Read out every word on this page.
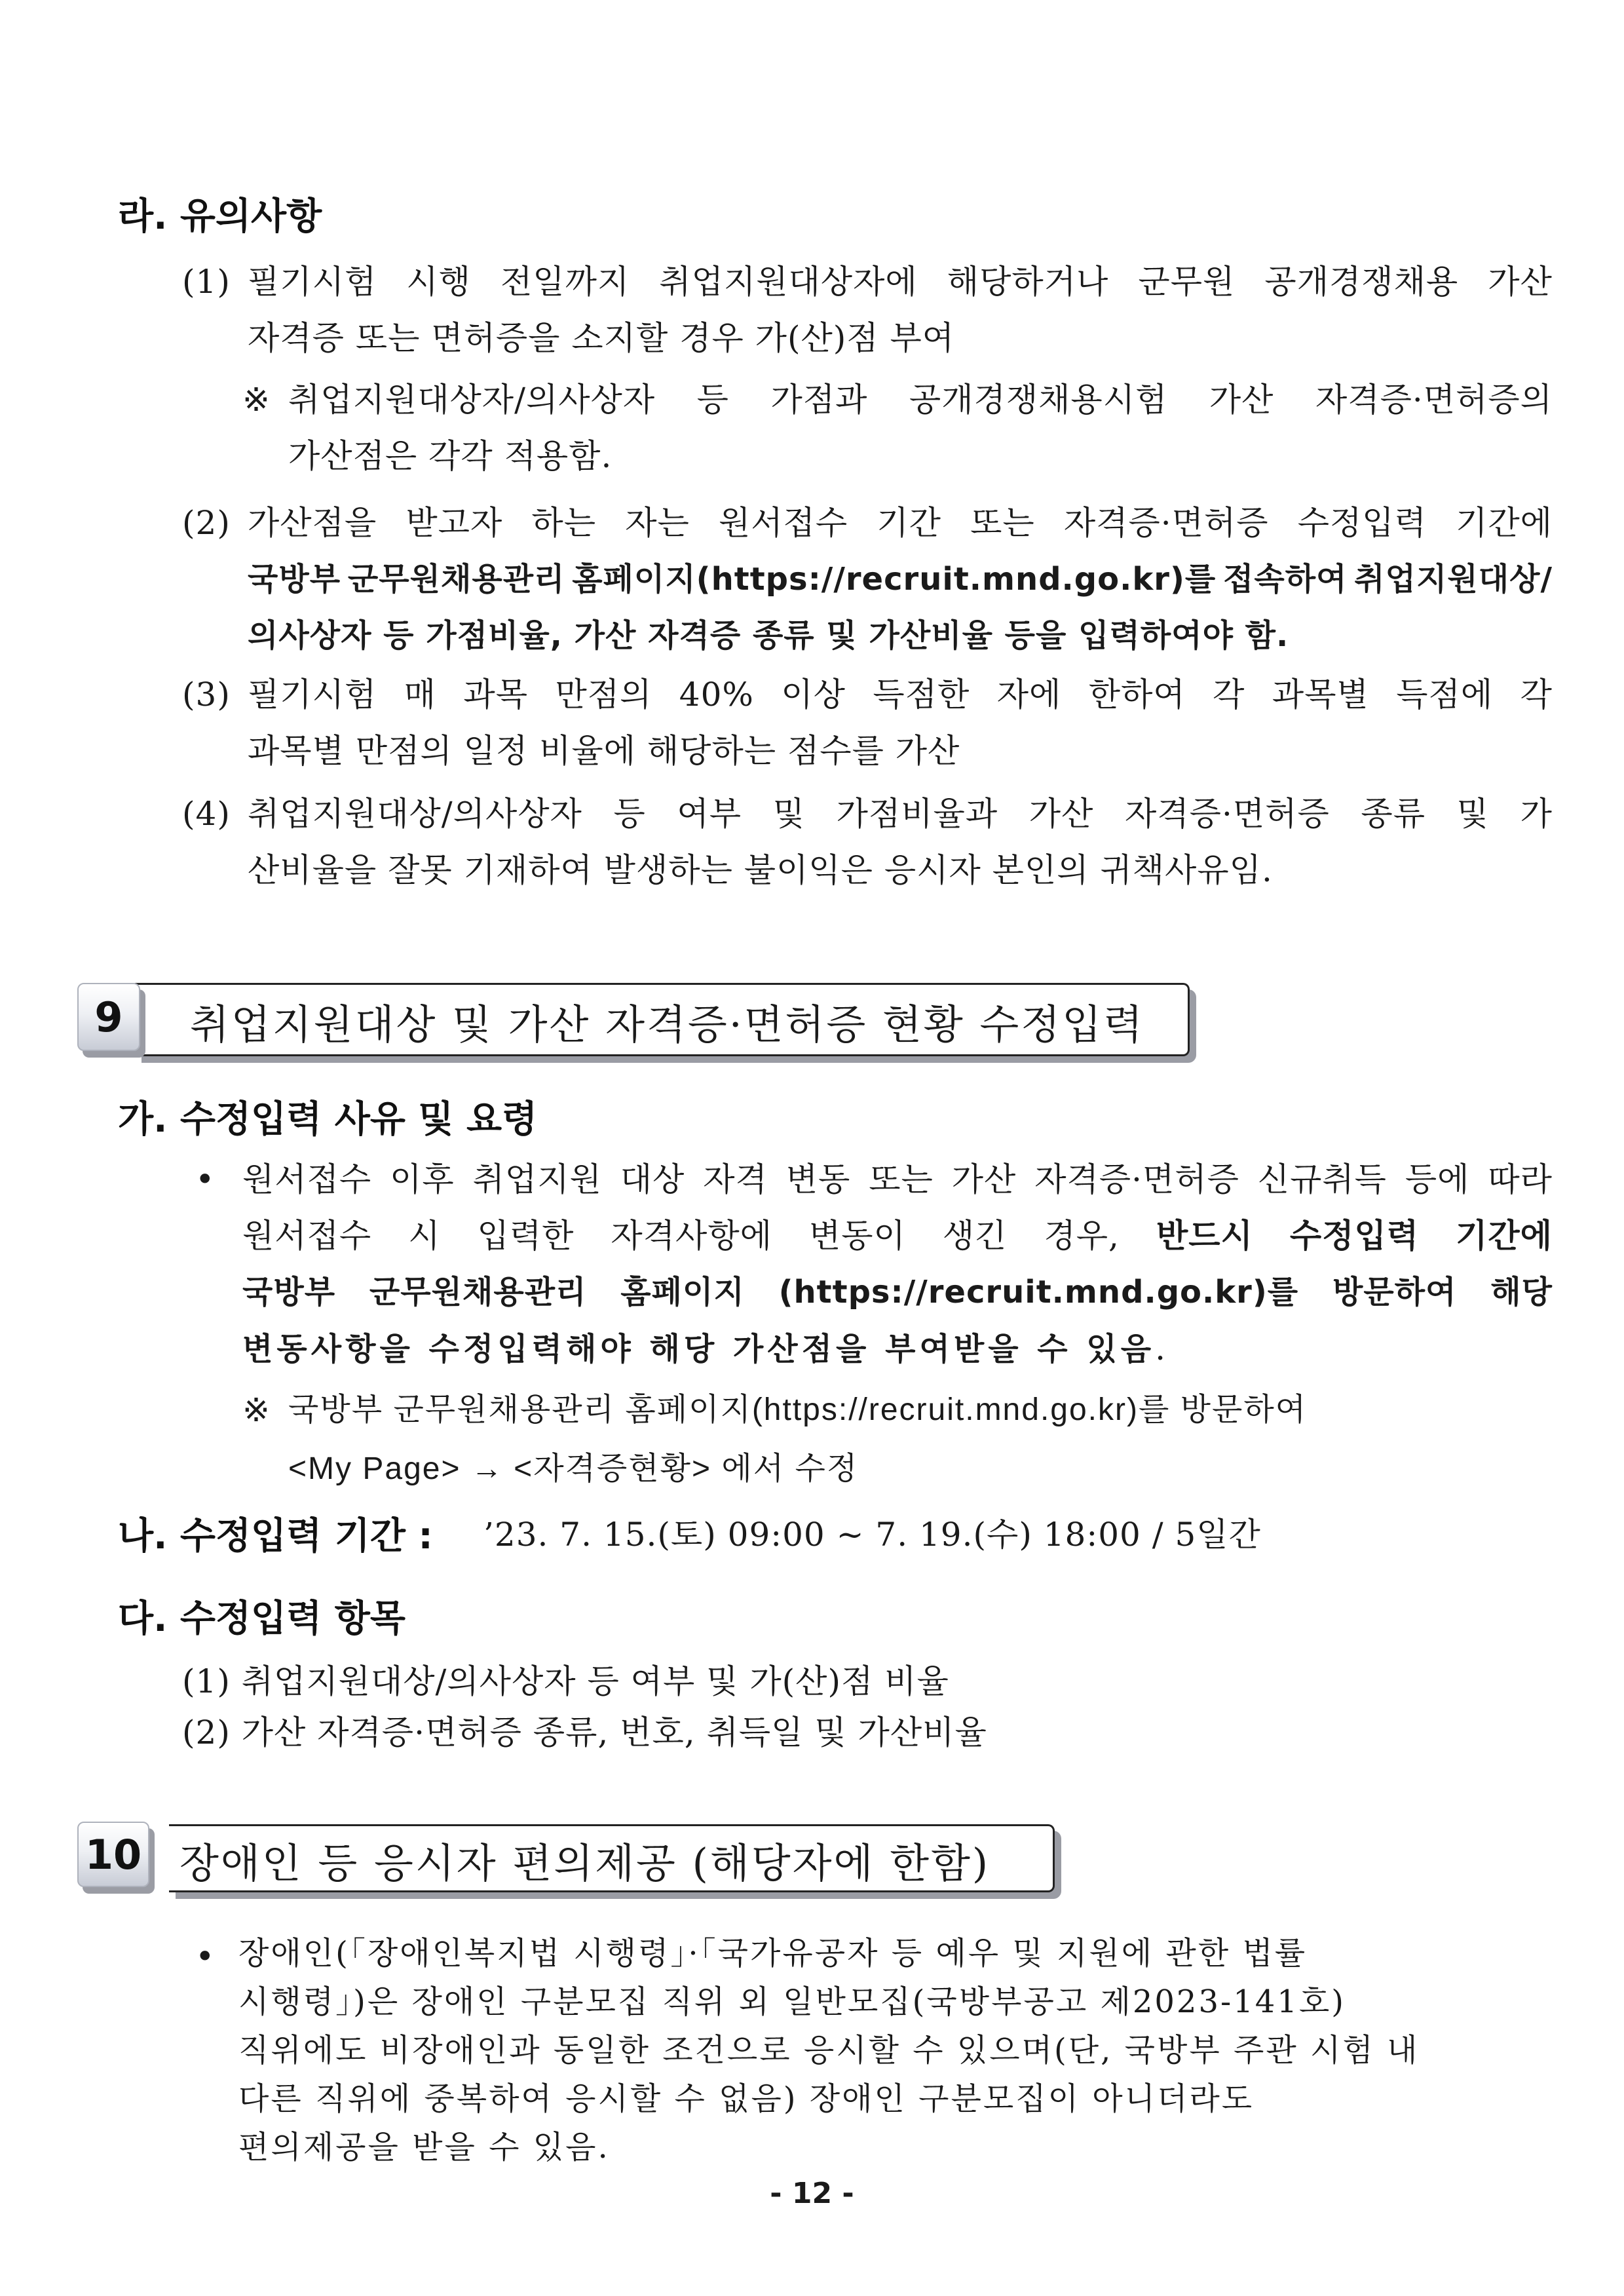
라. 유의사항
(1) 필기시험 시행 전일까지 취업지원대상자에 해당하거나 군무원 공개경쟁채용 가산
자격증 또는 면허증을 소지할 경우 가(산)점 부여
※ 취업지원대상자/의사상자 등 가점과 공개경쟁채용시험 가산 자격증·면허증의
가산점은 각각 적용함.
(2) 가산점을 받고자 하는 자는 원서접수 기간 또는 자격증·면허증 수정입력 기간에
국방부 군무원채용관리 홈페이지(https://recruit.mnd.go.kr)를 접속하여 취업지원대상/
의사상자 등 가점비율, 가산 자격증 종류 및 가산비율 등을 입력하여야 함.
(3) 필기시험 매 과목 만점의 40% 이상 득점한 자에 한하여 각 과목별 득점에 각
과목별 만점의 일정 비율에 해당하는 점수를 가산
(4) 취업지원대상/의사상자 등 여부 및 가점비율과 가산 자격증·면허증 종류 및 가
산비율을 잘못 기재하여 발생하는 불이익은 응시자 본인의 귀책사유임.
9	취업지원대상 및 가산 자격증·면허증 현황 수정입력
가. 수정입력 사유 및 요령
• 원서접수 이후 취업지원 대상 자격 변동 또는 가산 자격증·면허증 신규취득 등에 따라
원서접수 시 입력한 자격사항에 변동이 생긴 경우, 반드시 수정입력 기간에
국방부 군무원채용관리 홈페이지 (https://recruit.mnd.go.kr)를 방문하여 해당
변동사항을 수정입력해야 해당 가산점을 부여받을 수 있음.
※ 국방부 군무원채용관리 홈페이지(https://recruit.mnd.go.kr)를 방문하여
<My Page> → <자격증현황> 에서 수정
나. 수정입력 기간 : ’23. 7. 15.(토) 09:00 ~ 7. 19.(수) 18:00 / 5일간
다. 수정입력 항목
(1) 취업지원대상/의사상자 등 여부 및 가(산)점 비율
(2) 가산 자격증·면허증 종류, 번호, 취득일 및 가산비율
10 장애인 등 응시자 편의제공 (해당자에 한함)
• 장애인(「장애인복지법 시행령」·「국가유공자 등 예우 및 지원에 관한 법률
시행령」)은 장애인 구분모집 직위 외 일반모집(국방부공고 제2023-141호)
직위에도 비장애인과 동일한 조건으로 응시할 수 있으며(단, 국방부 주관 시험 내
다른 직위에 중복하여 응시할 수 없음) 장애인 구분모집이 아니더라도
편의제공을 받을 수 있음.
- 12 -
